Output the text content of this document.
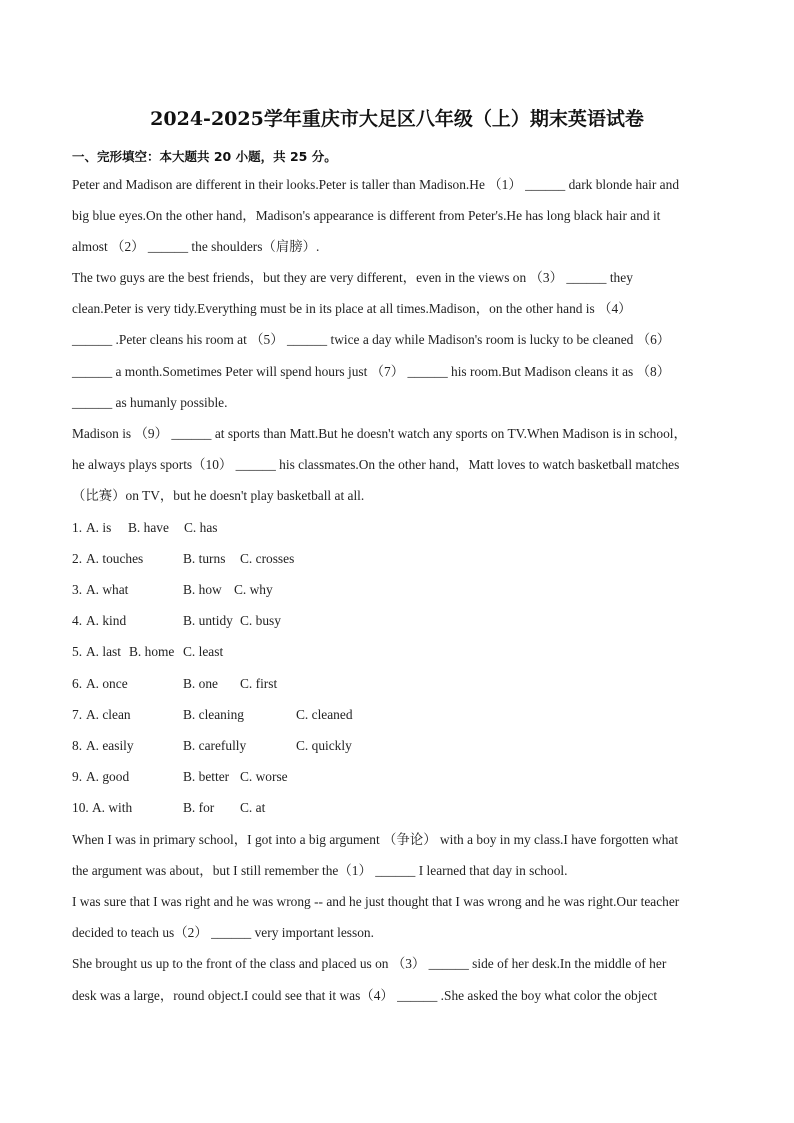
2024-2025学年重庆市大足区八年级（上）期末英语试卷
一、完形填空：本大题共 20 小题，共 25 分。
Peter and Madison are different in their looks.Peter is taller than Madison.He （1） ______ dark blonde hair and
big blue eyes.On the other hand，Madison's appearance is different from Peter's.He has long black hair and it
almost （2） ______ the shoulders（肩膀）.
The two guys are the best friends，but they are very different，even in the views on （3） ______ they
clean.Peter is very tidy.Everything must be in its place at all times.Madison，on the other hand is （4）
______ .Peter cleans his room at （5） ______ twice a day while Madison's room is lucky to be cleaned （6）
______ a month.Sometimes Peter will spend hours just （7） ______ his room.But Madison cleans it as （8）
______ as humanly possible.
Madison is （9） ______ at sports than Matt.But he doesn't watch any sports on TV.When Madison is in school，
he always plays sports（10） ______ his classmates.On the other hand，Matt loves to watch basketball matches
（比赛）on TV，but he doesn't play basketball at all.
1. A. is B. have C. has
2. A. touches	B. turns C. crosses
3. A. what	B. how C. why
4. A. kind	B. untidy C. busy
5. A. last B. home C. least
6. A. once	B. one C. first
7. A. clean	B. cleaning	C. cleaned
8. A. easily	B. carefully	C. quickly
9. A. good	B. better C. worse
10. A. with	B. for C. at
When I was in primary school，I got into a big argument （争论） with a boy in my class.I have forgotten what
the argument was about，but I still remember the（1） ______ I learned that day in school.
I was sure that I was right and he was wrong -- and he just thought that I was wrong and he was right.Our teacher
decided to teach us（2） ______ very important lesson.
She brought us up to the front of the class and placed us on （3） ______ side of her desk.In the middle of her
desk was a large，round object.I could see that it was（4） ______ .She asked the boy what color the object
